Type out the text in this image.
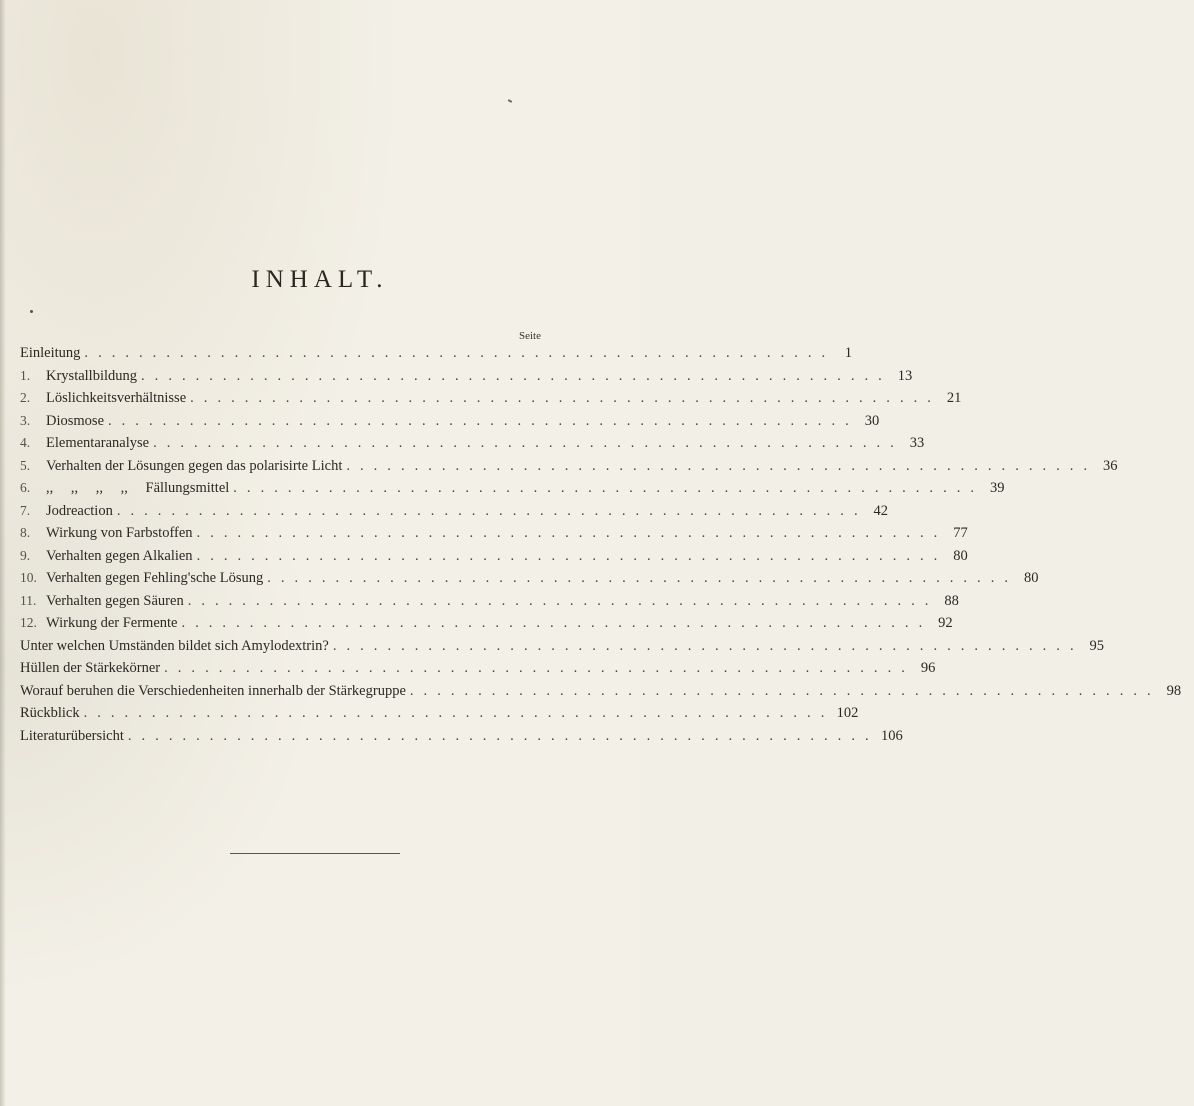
INHALT.
Seite
Einleitung . . . . . . . . . . . . . . . . . . . . . . . . . . . . . . . . . . . . . . . . . . . . . . . . . . . . . . .	1
1.	Krystallbildung . . . . . . . . . . . . . . . . . . . . . . . . . . . . . . . . . . . . . . . . . . . . . . . . . . . . . . . 13
2.	Löslichkeitsverhältnisse . . . . . . . . . . . . . . . . . . . . . . . . . . . . . . . . . . . . . . . . . . . . . . . . . . . . . . . 21
3.	Diosmose . . . . . . . . . . . . . . . . . . . . . . . . . . . . . . . . . . . . . . . . . . . . . . . . . . . . . . . 30
4.	Elementaranalyse . . . . . . . . . . . . . . . . . . . . . . . . . . . . . . . . . . . . . . . . . . . . . . . . . . . . . . . 33
5.	Verhalten der Lösungen gegen das polarisirte Licht . . . . . . . . . . . . . . . . . . . . . . . . . . . . . . . . . . . . . . . . . . . . . . . . . . . . . . . 36
6.	,, ,, ,, ,, Fällungsmittel . . . . . . . . . . . . . . . . . . . . . . . . . . . . . . . . . . . . . . . . . . . . . . . . . . . . . . . 39
7.	Jodreaction . . . . . . . . . . . . . . . . . . . . . . . . . . . . . . . . . . . . . . . . . . . . . . . . . . . . . . . 42
8.	Wirkung von Farbstoffen . . . . . . . . . . . . . . . . . . . . . . . . . . . . . . . . . . . . . . . . . . . . . . . . . . . . . . . 77
9.	Verhalten gegen Alkalien . . . . . . . . . . . . . . . . . . . . . . . . . . . . . . . . . . . . . . . . . . . . . . . . . . . . . . . 80
10. Verhalten gegen Fehling'sche Lösung . . . . . . . . . . . . . . . . . . . . . . . . . . . . . . . . . . . . . . . . . . . . . . . . . . . . . . . 80
11. Verhalten gegen Säuren . . . . . . . . . . . . . . . . . . . . . . . . . . . . . . . . . . . . . . . . . . . . . . . . . . . . . . . 88
12. Wirkung der Fermente . . . . . . . . . . . . . . . . . . . . . . . . . . . . . . . . . . . . . . . . . . . . . . . . . . . . . . . 92
Unter welchen Umständen bildet sich Amylodextrin? . . . . . . . . . . . . . . . . . . . . . . . . . . . . . . . . . . . . . . . . . . . . . . . . . . . . . . . 95
Hüllen der Stärkekörner . . . . . . . . . . . . . . . . . . . . . . . . . . . . . . . . . . . . . . . . . . . . . . . . . . . . . . . 96
Worauf beruhen die Verschiedenheiten innerhalb der Stärkegruppe . . . . . . . . . . . . . . . . . . . . . . . . . . . . . . . . . . . . . . . . . . . . . . . . . . . . . . . 98
Rückblick . . . . . . . . . . . . . . . . . . . . . . . . . . . . . . . . . . . . . . . . . . . . . . . . . . . . . . . 102
Literaturübersicht . . . . . . . . . . . . . . . . . . . . . . . . . . . . . . . . . . . . . . . . . . . . . . . . . . . . . . . 106
